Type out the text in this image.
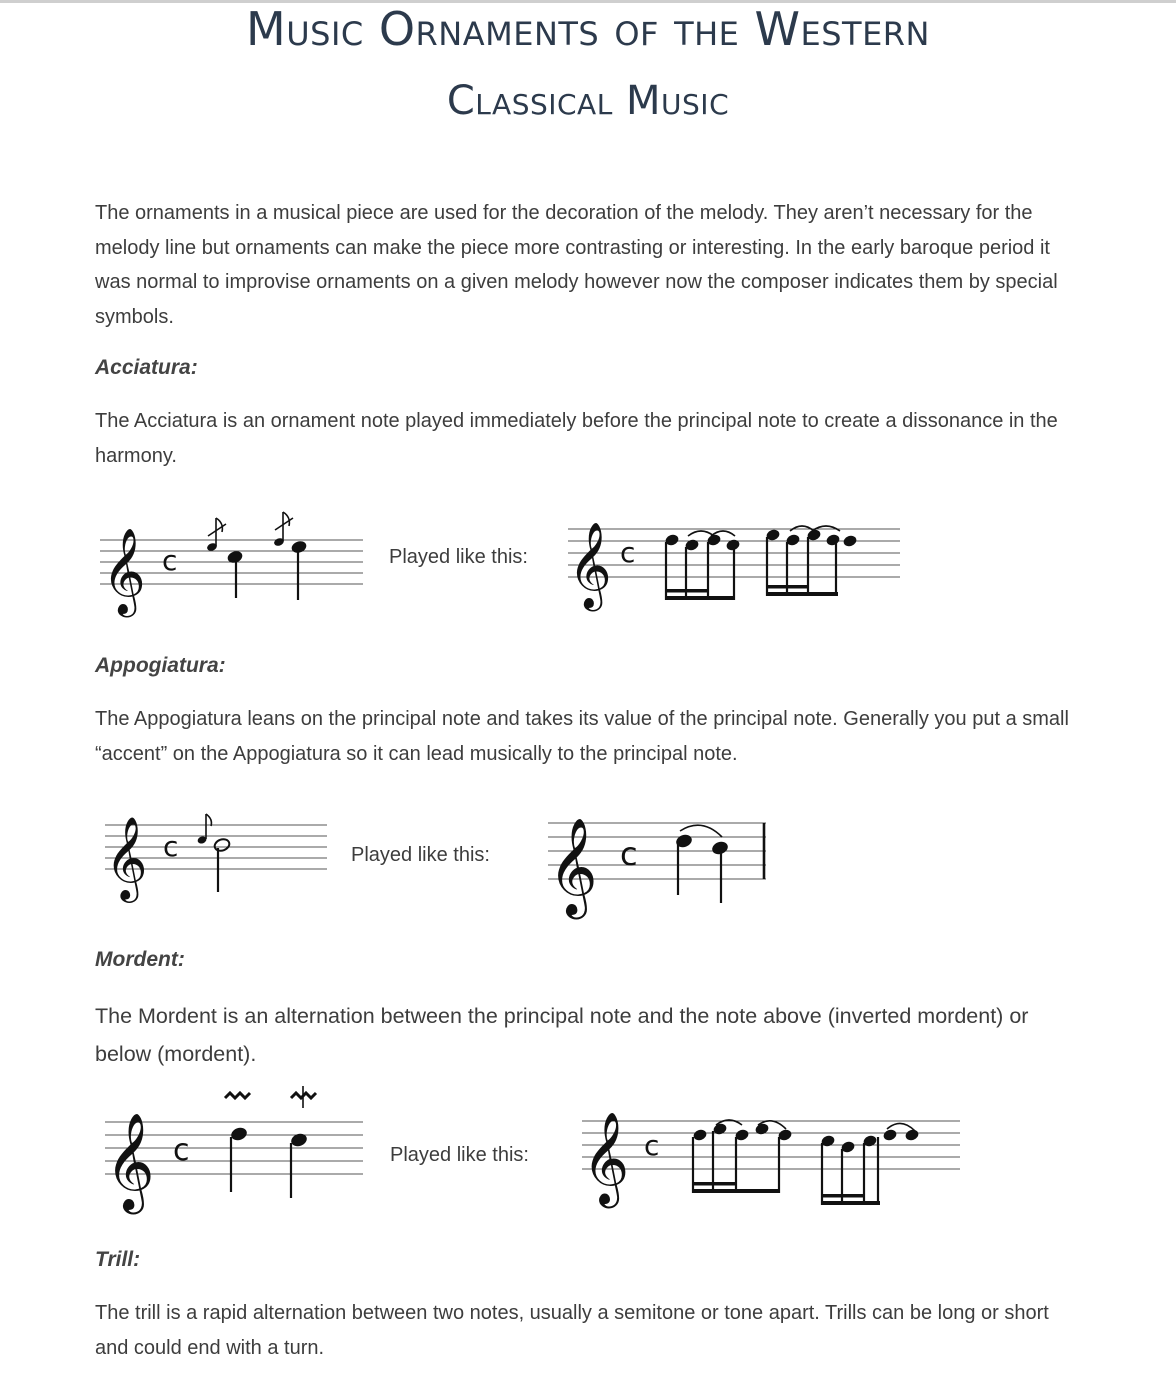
Music Ornaments of the Western
Classical Music

The ornaments in a musical piece are used for the decoration of the melody. They aren’t necessary for the melody line but ornaments can make the piece more contrasting or interesting. In the early baroque period it was normal to improvise ornaments on a given melody however now the composer indicates them by special symbols.

Acciatura:

The Acciatura is an ornament note played immediately before the principal note to create a dissonance in the harmony.

𝄞 c	Played like this: 𝄞 c
Appogiatura:

The Appogiatura leans on the principal note and takes its value of the principal note. Generally you put a small “accent” on the Appogiatura so it can lead musically to the principal note.

𝄞 c	Played like this: 𝄞 c
Mordent:

The Mordent is an alternation between the principal note and the note above (inverted mordent) or below (mordent).

𝄞 c	Played like this: 𝄞 c
Trill:

The trill is a rapid alternation between two notes, usually a semitone or tone apart. Trills can be long or short and could end with a turn.
